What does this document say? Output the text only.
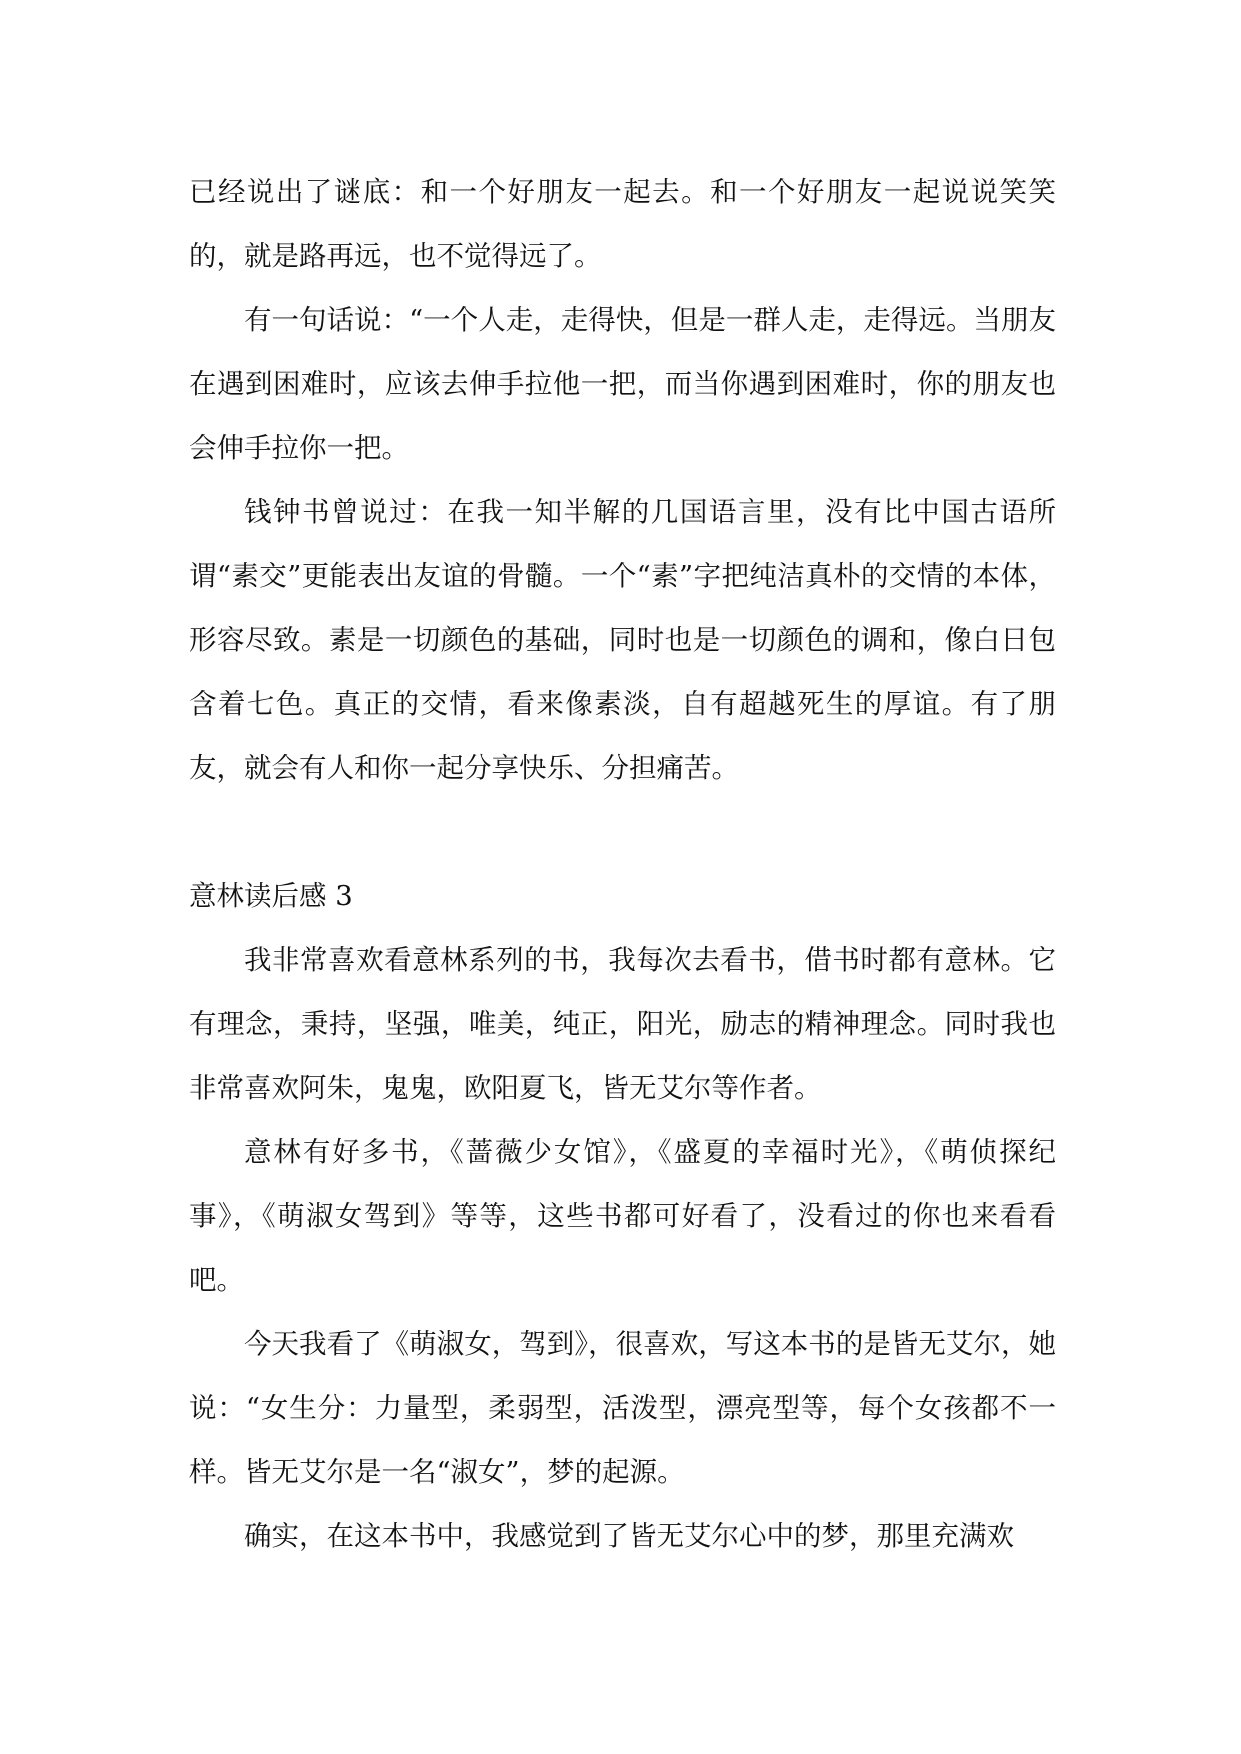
已经说出了谜底：和一个好朋友一起去。和一个好朋友一起说说笑笑的，就是路再远，也不觉得远了。

有一句话说：“一个人走，走得快，但是一群人走，走得远。当朋友在遇到困难时，应该去伸手拉他一把，而当你遇到困难时，你的朋友也会伸手拉你一把。

钱钟书曾说过：在我一知半解的几国语言里，没有比中国古语所谓“素交”更能表出友谊的骨髓。一个“素”字把纯洁真朴的交情的本体，形容尽致。素是一切颜色的基础，同时也是一切颜色的调和，像白日包含着七色。真正的交情，看来像素淡，自有超越死生的厚谊。有了朋友，就会有人和你一起分享快乐、分担痛苦。

意林读后感 3

我非常喜欢看意林系列的书，我每次去看书，借书时都有意林。它有理念，秉持，坚强，唯美，纯正，阳光，励志的精神理念。同时我也非常喜欢阿朱，鬼鬼，欧阳夏飞，皆无艾尔等作者。

意林有好多书，《蔷薇少女馆》，《盛夏的幸福时光》，《萌侦探纪事》，《萌淑女驾到》等等，这些书都可好看了，没看过的你也来看看吧。

今天我看了《萌淑女，驾到》，很喜欢，写这本书的是皆无艾尔，她说：“女生分：力量型，柔弱型，活泼型，漂亮型等，每个女孩都不一样。皆无艾尔是一名“淑女”，梦的起源。

确实，在这本书中，我感觉到了皆无艾尔心中的梦，那里充满欢
